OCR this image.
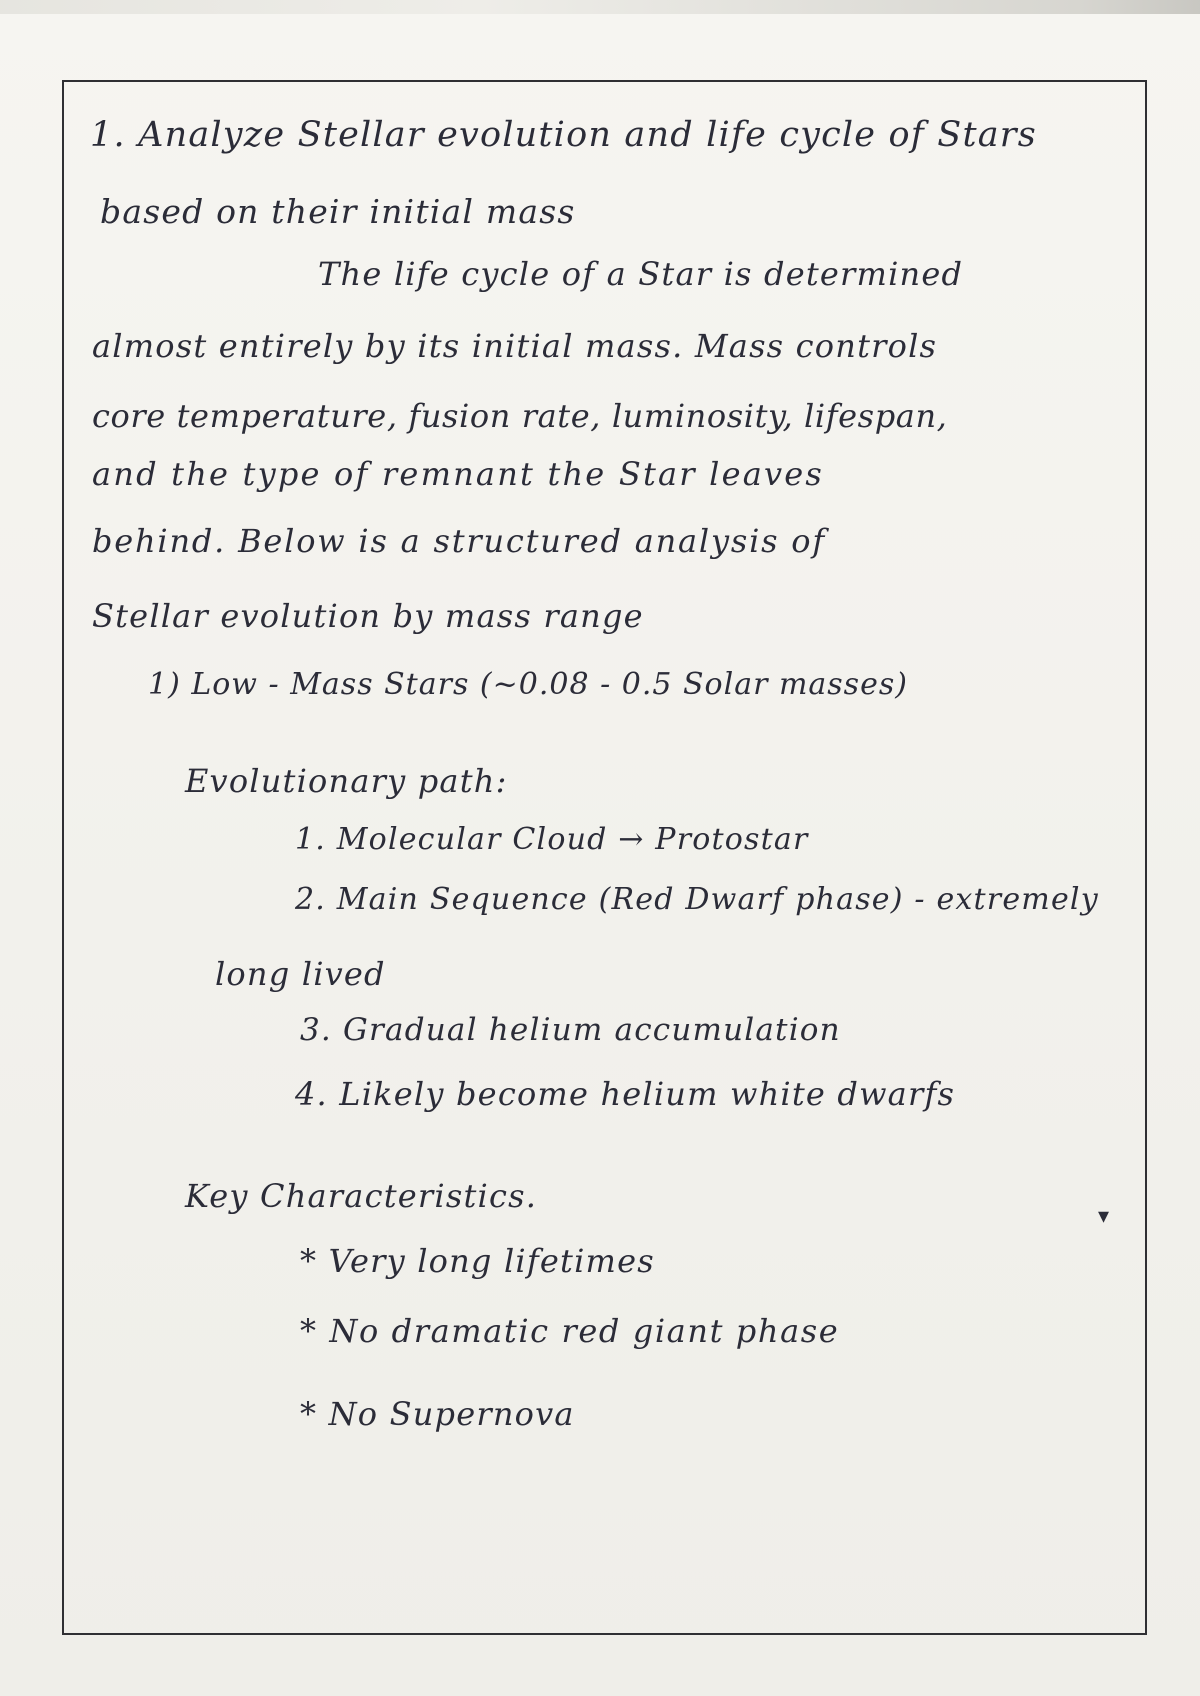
1. Analyze Stellar evolution and life cycle of Stars
based on their initial mass
The life cycle of a Star is determined
almost entirely by its initial mass. Mass controls
core temperature, fusion rate, luminosity, lifespan,
and the type of remnant the Star leaves
behind. Below is a structured analysis of
Stellar evolution by mass range
1) Low - Mass Stars (~0.08 - 0.5 Solar masses)
Evolutionary path:
1. Molecular Cloud → Protostar
2. Main Sequence (Red Dwarf phase) - extremely
long lived
3. Gradual helium accumulation
4. Likely become helium white dwarfs
Key Characteristics.
* Very long lifetimes
* No dramatic red giant phase
* No Supernova
▾
